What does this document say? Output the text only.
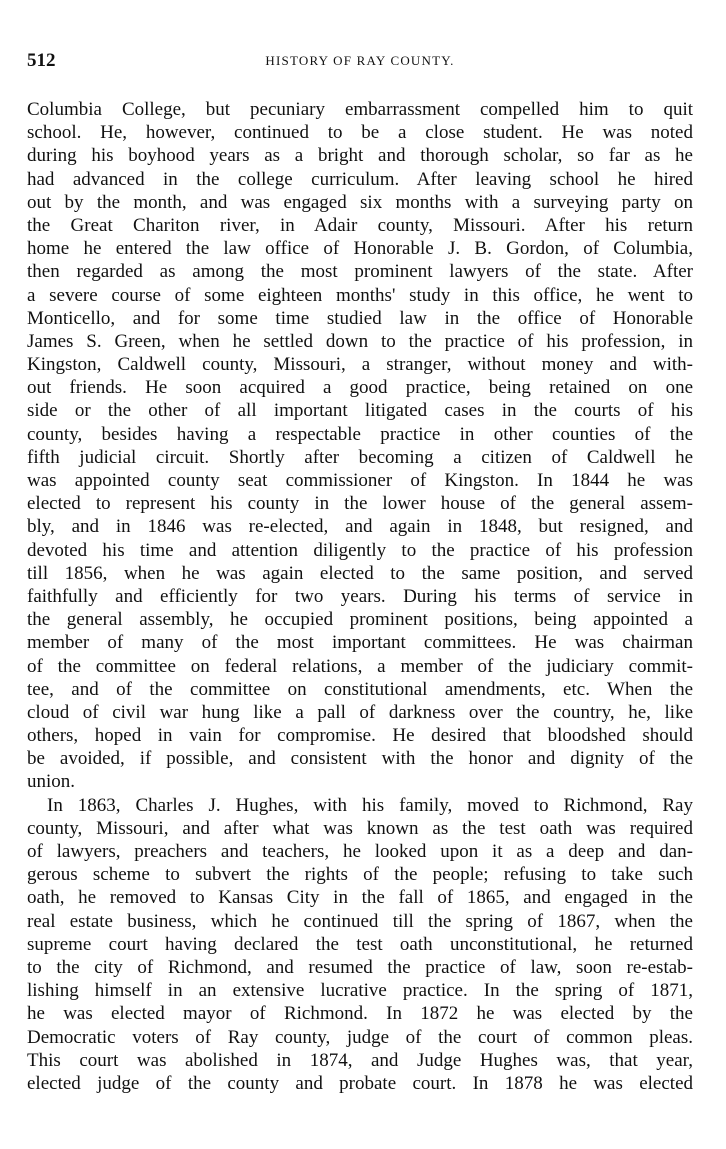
512	HISTORY OF RAY COUNTY.
Columbia College, but pecuniary embarrassment compelled him to quit
school. He, however, continued to be a close student. He was noted
during his boyhood years as a bright and thorough scholar, so far as he
had advanced in the college curriculum. After leaving school he hired
out by the month, and was engaged six months with a surveying party on
the Great Chariton river, in Adair county, Missouri. After his return
home he entered the law office of Honorable J. B. Gordon, of Columbia,
then regarded as among the most prominent lawyers of the state. After
a severe course of some eighteen months' study in this office, he went to
Monticello, and for some time studied law in the office of Honorable
James S. Green, when he settled down to the practice of his profession, in
Kingston, Caldwell county, Missouri, a stranger, without money and with-
out friends. He soon acquired a good practice, being retained on one
side or the other of all important litigated cases in the courts of his
county, besides having a respectable practice in other counties of the
fifth judicial circuit. Shortly after becoming a citizen of Caldwell he
was appointed county seat commissioner of Kingston. In 1844 he was
elected to represent his county in the lower house of the general assem-
bly, and in 1846 was re-elected, and again in 1848, but resigned, and
devoted his time and attention diligently to the practice of his profession
till 1856, when he was again elected to the same position, and served
faithfully and efficiently for two years. During his terms of service in
the general assembly, he occupied prominent positions, being appointed a
member of many of the most important committees. He was chairman
of the committee on federal relations, a member of the judiciary commit-
tee, and of the committee on constitutional amendments, etc. When the
cloud of civil war hung like a pall of darkness over the country, he, like
others, hoped in vain for compromise. He desired that bloodshed should
be avoided, if possible, and consistent with the honor and dignity of the
union.
In 1863, Charles J. Hughes, with his family, moved to Richmond, Ray
county, Missouri, and after what was known as the test oath was required
of lawyers, preachers and teachers, he looked upon it as a deep and dan-
gerous scheme to subvert the rights of the people; refusing to take such
oath, he removed to Kansas City in the fall of 1865, and engaged in the
real estate business, which he continued till the spring of 1867, when the
supreme court having declared the test oath unconstitutional, he returned
to the city of Richmond, and resumed the practice of law, soon re-estab-
lishing himself in an extensive lucrative practice. In the spring of 1871,
he was elected mayor of Richmond. In 1872 he was elected by the
Democratic voters of Ray county, judge of the court of common pleas.
This court was abolished in 1874, and Judge Hughes was, that year,
elected judge of the county and probate court. In 1878 he was elected
